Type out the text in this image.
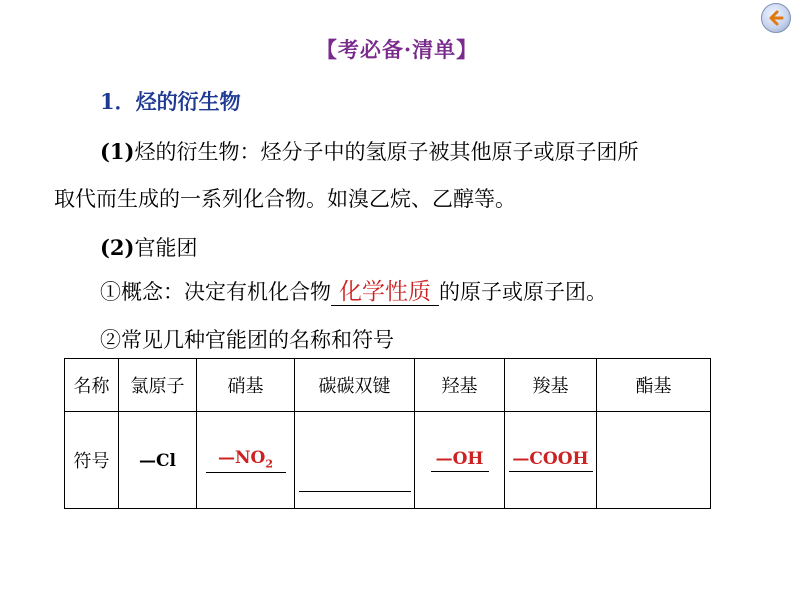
【考必备·清单】
1．烃的衍生物
(1)烃的衍生物：烃分子中的氢原子被其他原子或原子团所
取代而生成的一系列化合物。如溴乙烷、乙醇等。
(2)官能团
①概念：决定有机化合物 化学性质 的原子或原子团。
②常见几种官能团的名称和符号
名称	氯原子	硝基	碳碳双键	羟基	羧基	酯基
符号	—Cl	$—NO_2$		—OH	—COOH	
